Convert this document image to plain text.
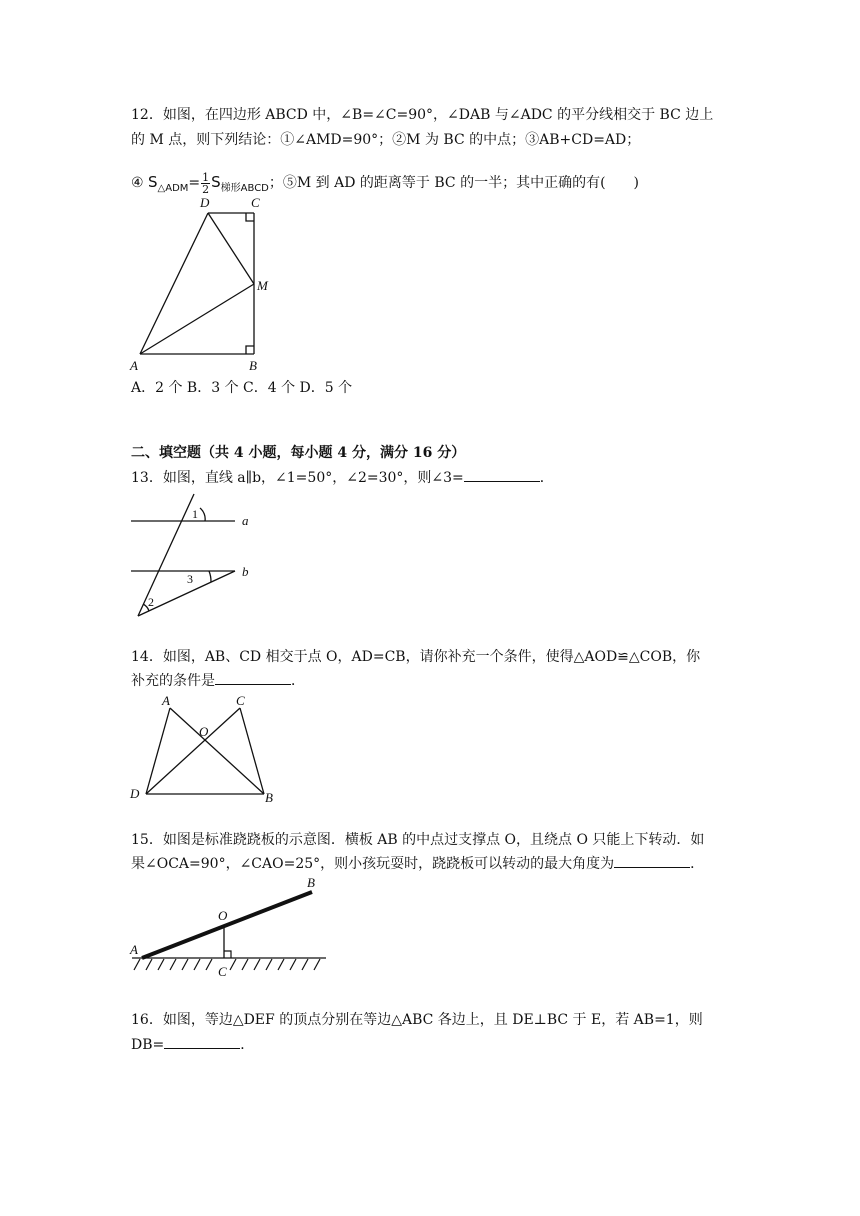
12．如图，在四边形 ABCD 中，∠B=∠C=90°，∠DAB 与∠ADC 的平分线相交于 BC 边上
的 M 点，则下列结论：①∠AMD=90°；②M 为 BC 的中点；③AB+CD=AD；
④ $S_{\triangle ADM}= \frac{1}{2} S_{梯形ABCD}$；⑤M 到 AD 的距离等于 BC 的一半；其中正确的有(　　)
D	C
M
A	B
A．2 个 B．3 个 C．4 个 D．5 个
二、填空题（共 4 小题，每小题 4 分，满分 16 分）
13．如图，直线 a∥b，∠1=50°，∠2=30°，则∠3=	．
1
2
3
a
b
14．如图，AB、CD 相交于点 O，AD=CB，请你补充一个条件，使得△AOD≌△COB，你
补充的条件是	．
A	C
O
D	B
15．如图是标准跷跷板的示意图．横板 AB 的中点过支撑点 O，且绕点 O 只能上下转动．如
果∠OCA=90°，∠CAO=25°，则小孩玩耍时，跷跷板可以转动的最大角度为	．
A
O
C
B
16．如图，等边△DEF 的顶点分别在等边△ABC 各边上，且 DE⊥BC 于 E，若 AB=1，则
DB=	．
